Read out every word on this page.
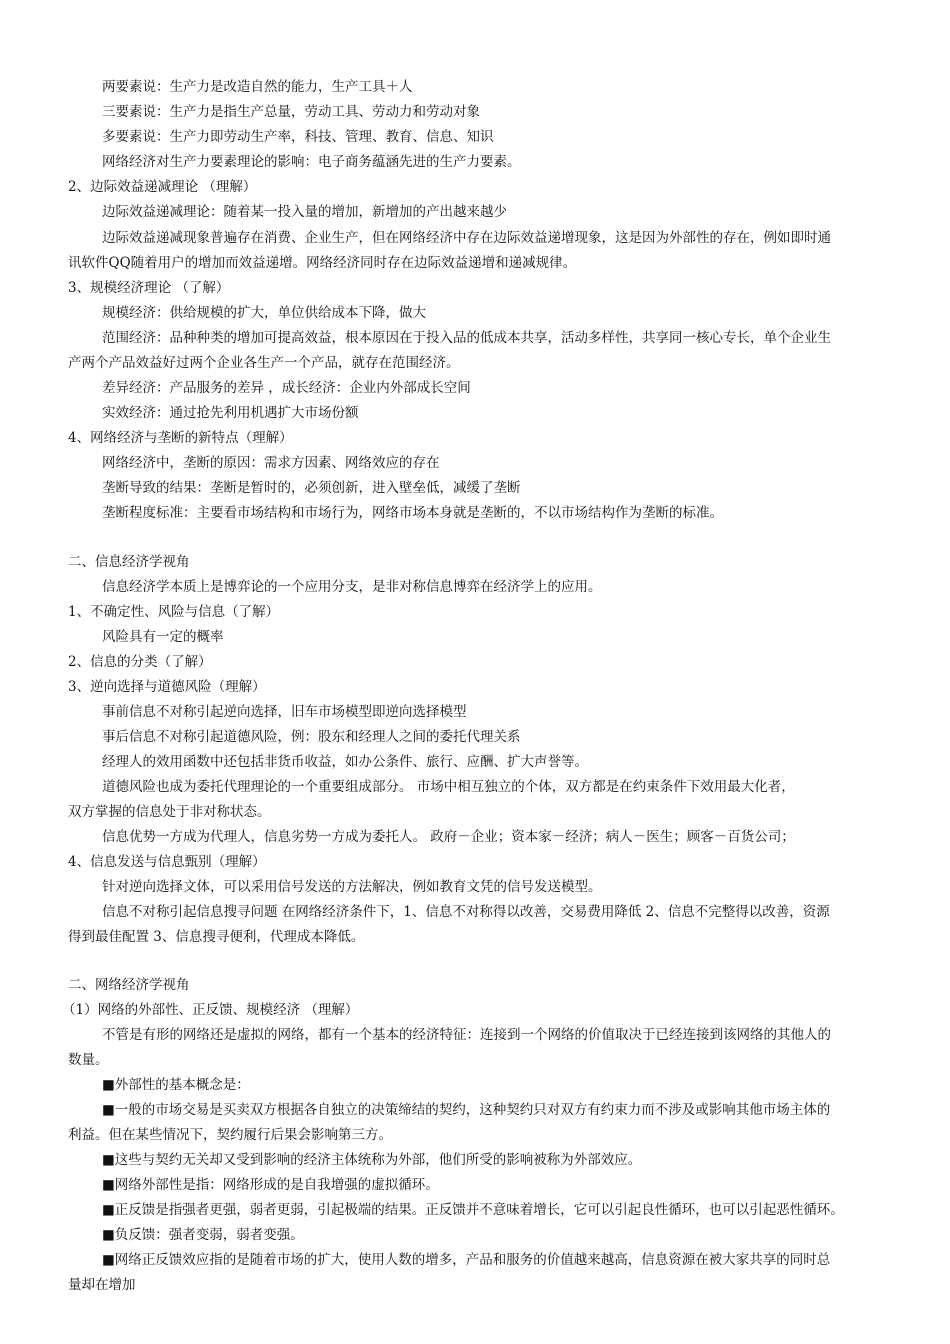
两要素说：生产力是改造自然的能力，生产工具＋人
三要素说：生产力是指生产总量，劳动工具、劳动力和劳动对象
多要素说：生产力即劳动生产率，科技、管理、教育、信息、知识
网络经济对生产力要素理论的影响：电子商务蕴涵先进的生产力要素。
2、边际效益递减理论 （理解）
边际效益递减理论：随着某一投入量的增加，新增加的产出越来越少
边际效益递减现象普遍存在消费、企业生产，但在网络经济中存在边际效益递增现象，这是因为外部性的存在，例如即时通
讯软件QQ随着用户的增加而效益递增。网络经济同时存在边际效益递增和递减规律。
3、规模经济理论 （了解）
规模经济：供给规模的扩大，单位供给成本下降，做大
范围经济：品种种类的增加可提高效益，根本原因在于投入品的低成本共享，活动多样性，共享同一核心专长，单个企业生
产两个产品效益好过两个企业各生产一个产品，就存在范围经济。
差异经济：产品服务的差异 ，成长经济：企业内外部成长空间
实效经济：通过抢先利用机遇扩大市场份额
4、网络经济与垄断的新特点（理解）
网络经济中，垄断的原因：需求方因素、网络效应的存在
垄断导致的结果：垄断是暂时的，必须创新，进入壁垒低，减缓了垄断
垄断程度标准：主要看市场结构和市场行为，网络市场本身就是垄断的，不以市场结构作为垄断的标准。
二、信息经济学视角
信息经济学本质上是博弈论的一个应用分支，是非对称信息博弈在经济学上的应用。
1、不确定性、风险与信息（了解）
风险具有一定的概率
2、信息的分类（了解）
3、逆向选择与道德风险（理解）
事前信息不对称引起逆向选择，旧车市场模型即逆向选择模型
事后信息不对称引起道德风险，例：股东和经理人之间的委托代理关系
经理人的效用函数中还包括非货币收益，如办公条件、旅行、应酬、扩大声誉等。
道德风险也成为委托代理理论的一个重要组成部分。 市场中相互独立的个体，双方都是在约束条件下效用最大化者，
双方掌握的信息处于非对称状态。
信息优势一方成为代理人，信息劣势一方成为委托人。 政府－企业；资本家－经济；病人－医生；顾客－百货公司；
4、信息发送与信息甄别（理解）
针对逆向选择文体，可以采用信号发送的方法解决，例如教育文凭的信号发送模型。
信息不对称引起信息搜寻问题 在网络经济条件下，1、信息不对称得以改善，交易费用降低 2、信息不完整得以改善，资源
得到最佳配置 3、信息搜寻便利，代理成本降低。
二、网络经济学视角
（1）网络的外部性、正反馈、规模经济 （理解）
不管是有形的网络还是虚拟的网络，都有一个基本的经济特征：连接到一个网络的价值取决于已经连接到该网络的其他人的
数量。
■外部性的基本概念是：
■一般的市场交易是买卖双方根据各自独立的决策缔结的契约，这种契约只对双方有约束力而不涉及或影响其他市场主体的
利益。但在某些情况下，契约履行后果会影响第三方。
■这些与契约无关却又受到影响的经济主体统称为外部，他们所受的影响被称为外部效应。
■网络外部性是指：网络形成的是自我增强的虚拟循环。
■正反馈是指强者更强，弱者更弱，引起极端的结果。正反馈并不意味着增长，它可以引起良性循环，也可以引起恶性循环。
■负反馈：强者变弱，弱者变强。
■网络正反馈效应指的是随着市场的扩大，使用人数的增多，产品和服务的价值越来越高，信息资源在被大家共享的同时总
量却在增加
